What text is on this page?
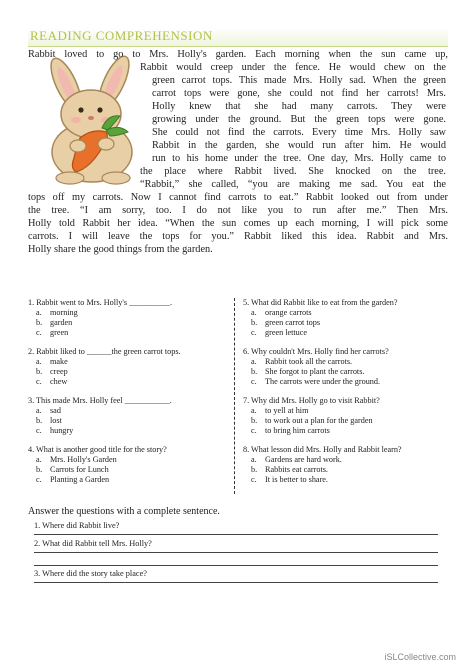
READING COMPREHENSION
Rabbit loved to go to Mrs. Holly's garden. Each morning when the sun came up,
Rabbit would creep under the fence. He would chew on the
green carrot tops. This made Mrs. Holly sad. When the green
carrot tops were gone, she could not find her carrots! Mrs.
Holly knew that she had many carrots. They were
growing under the ground. But the green tops were gone.
She could not find the carrots. Every time Mrs. Holly saw
Rabbit in the garden, she would run after him. He would
run to his home under the tree. One day, Mrs. Holly came to
the place where Rabbit lived. She knocked on the tree.
“Rabbit,” she called, “you are making me sad. You eat the
tops off my carrots. Now I cannot find carrots to eat.” Rabbit looked out from under
the tree. “I am sorry, too. I do not like you to run after me.” Then Mrs.
Holly told Rabbit her idea. “When the sun comes up each morning, I will pick some
carrots. I will leave the tops for you.” Rabbit liked this idea. Rabbit and Mrs.
Holly share the good things from the garden.
1. Rabbit went to Mrs. Holly's __________.
a. morning
b. garden
c. green
2. Rabbit liked to ______the green carrot tops.
a. make
b. creep
c. chew
3. This made Mrs. Holly feel ___________.
a. sad
b. lost
c. hungry
4. What is another good title for the story?
a. Mrs. Holly's Garden
b. Carrots for Lunch
c. Planting a Garden
5. What did Rabbit like to eat from the garden?
a. orange carrots
b. green carrot tops
c. green lettuce
6. Why couldn't Mrs. Holly find her carrots?
a. Rabbit took all the carrots.
b. She forgot to plant the carrots.
c. The carrots were under the ground.
7. Why did Mrs. Holly go to visit Rabbit?
a. to yell at him
b. to work out a plan for the garden
c. to bring him carrots
8. What lesson did Mrs. Holly and Rabbit learn?
a. Gardens are hard work.
b. Rabbits eat carrots.
c. It is better to share.
Answer the questions with a complete sentence.
1. Where did Rabbit live?
2. What did Rabbit tell Mrs. Holly?
3. Where did the story take place?
iSLCollective.com
